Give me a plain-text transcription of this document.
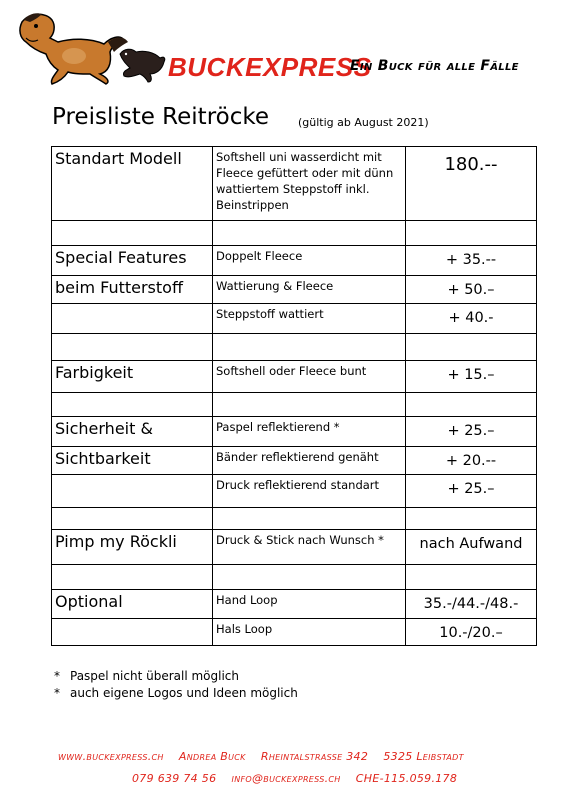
BUCKEXPRESS
Ein Buck für alle Fälle
Preisliste Reitröcke	(gültig ab August 2021)
Standart Modell	Softshell uni wasserdicht mit Fleece gefüttert oder mit dünn wattiertem Steppstoff inkl. Beinstrippen	180.--

Special Features	Doppelt Fleece	+ 35.--
beim Futterstoff	Wattierung & Fleece	+ 50.–
	Steppstoff wattiert	+ 40.-

Farbigkeit	Softshell oder Fleece bunt	+ 15.–

Sicherheit &	Paspel reflektierend *	+ 25.–
Sichtbarkeit	Bänder reflektierend genäht	+ 20.--
	Druck reflektierend standart	+ 25.–

Pimp my Röckli	Druck & Stick nach Wunsch *	nach Aufwand

Optional	Hand Loop	35.-/44.-/48.-
	Hals Loop	10.-/20.–
* Paspel nicht überall möglich
* auch eigene Logos und Ideen möglich
www.buckexpress.ch    Andrea Buck    Rheintalstrasse 342    5325 Leibstadt
079 639 74 56    info@buckexpress.ch    CHE-115.059.178
